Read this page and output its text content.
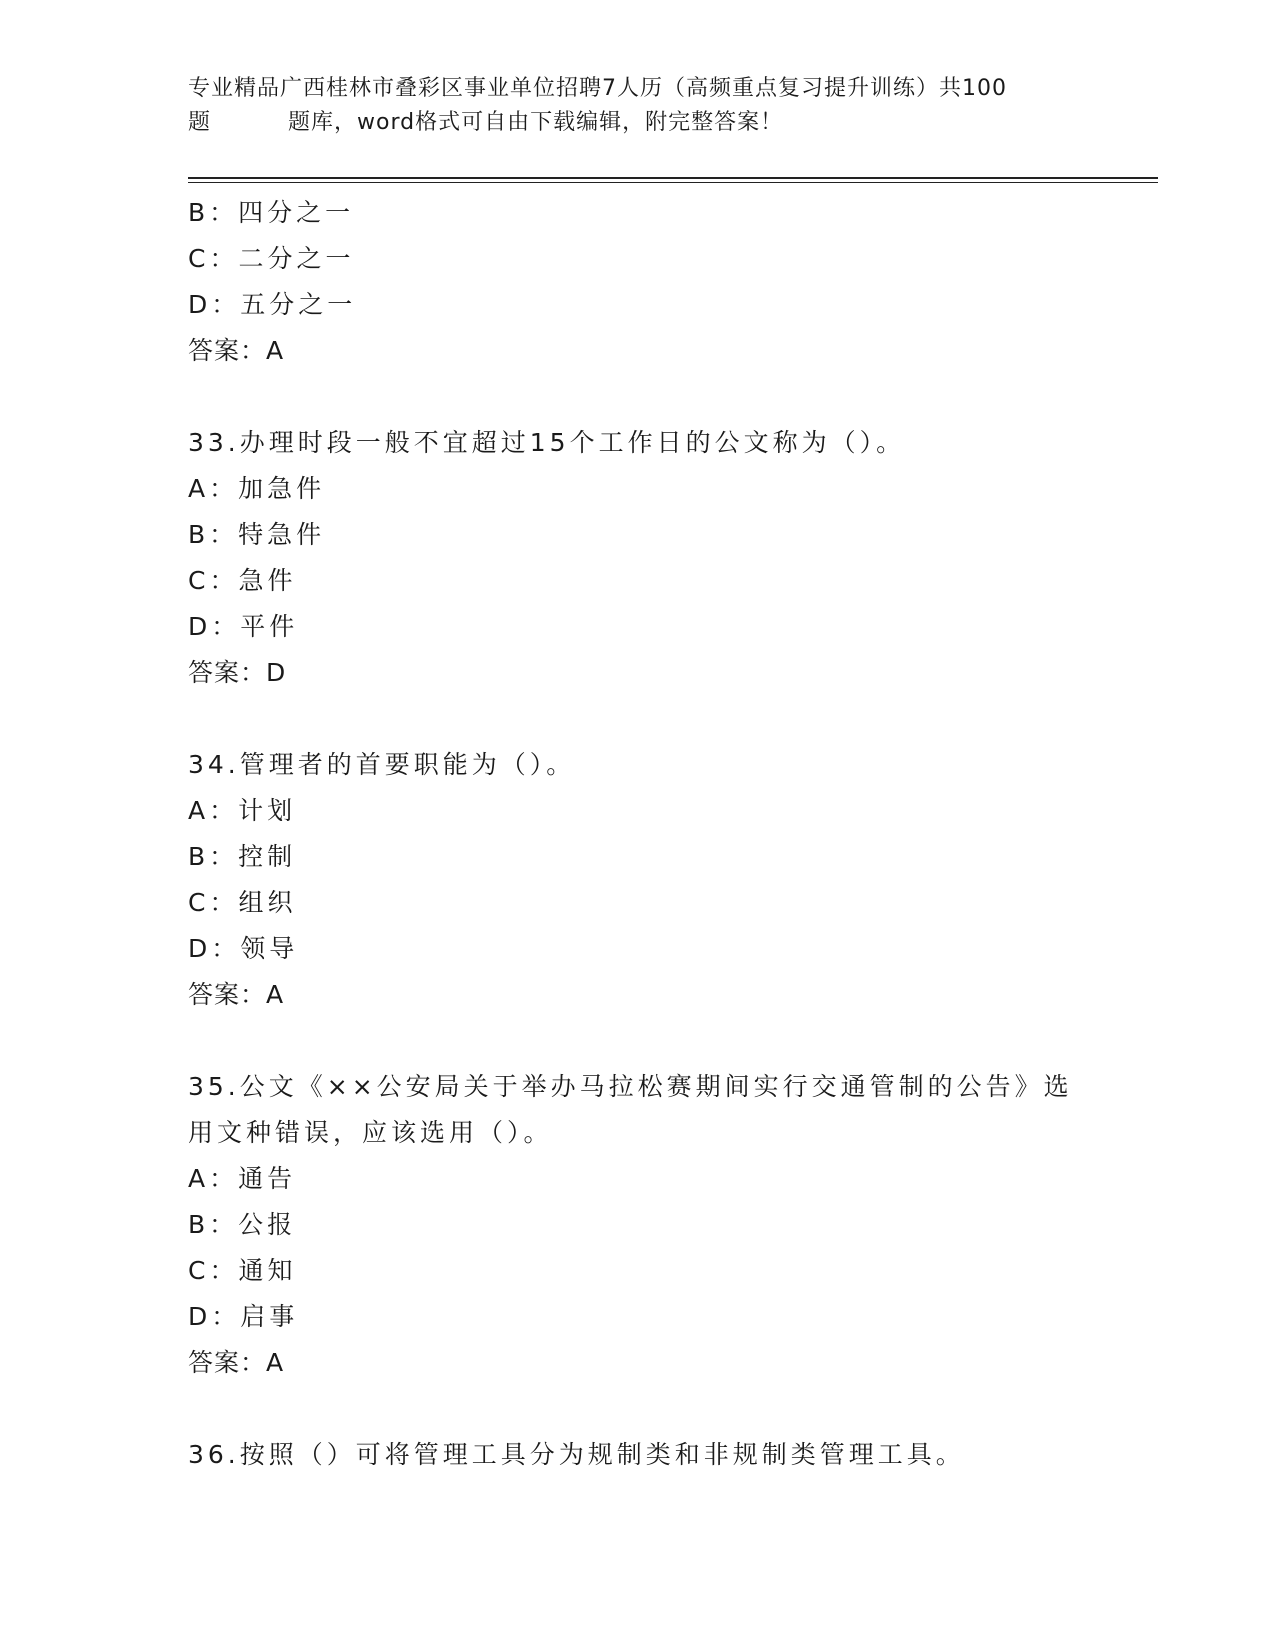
专业精品广西桂林市叠彩区事业单位招聘7人历（高频重点复习提升训练）共100
题	题库，word格式可自由下载编辑，附完整答案！
B：四分之一
C：二分之一
D：五分之一
答案：A
33.办理时段一般不宜超过15个工作日的公文称为（）。
A：加急件
B：特急件
C：急件
D：平件
答案：D
34.管理者的首要职能为（）。
A：计划
B：控制
C：组织
D：领导
答案：A
35.公文《××公安局关于举办马拉松赛期间实行交通管制的公告》选
用文种错误，应该选用（）。
A：通告
B：公报
C：通知
D：启事
答案：A
36.按照（）可将管理工具分为规制类和非规制类管理工具。
